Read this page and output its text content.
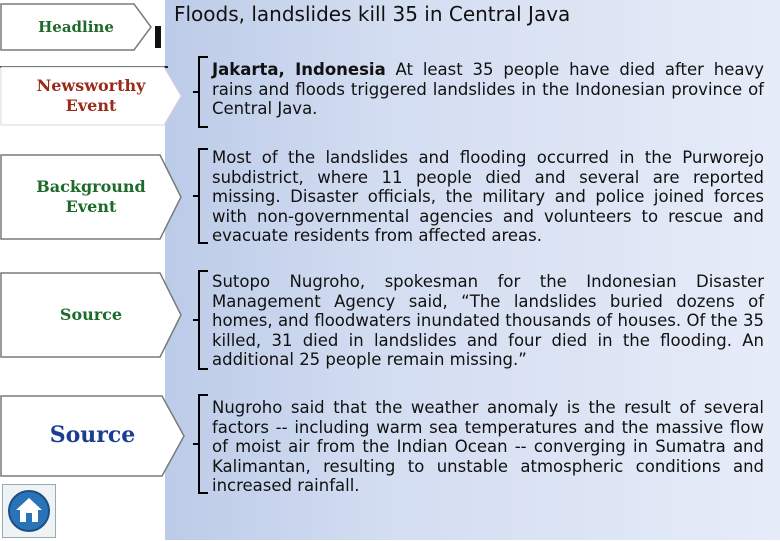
Floods, landslides kill 35 in Central Java
Headline
Newsworthy
Event
Background
Event
Source
Source
Jakarta, Indonesia At least 35 people have died after heavy rains and floods triggered landslides in the Indonesian province of Central Java.
Most of the landslides and flooding occurred in the Purworejo subdistrict, where 11 people died and several are reported missing. Disaster officials, the military and police joined forces with non-governmental agencies and volunteers to rescue and evacuate residents from affected areas.
Sutopo Nugroho, spokesman for the Indonesian Disaster Management Agency said, “The landslides buried dozens of homes, and floodwaters inundated thousands of houses. Of the 35 killed, 31 died in landslides and four died in the flooding. An additional 25 people remain missing.”
Nugroho said that the weather anomaly is the result of several factors -- including warm sea temperatures and the massive flow of moist air from the Indian Ocean -- converging in Sumatra and Kalimantan, resulting to unstable atmospheric conditions and increased rainfall.
